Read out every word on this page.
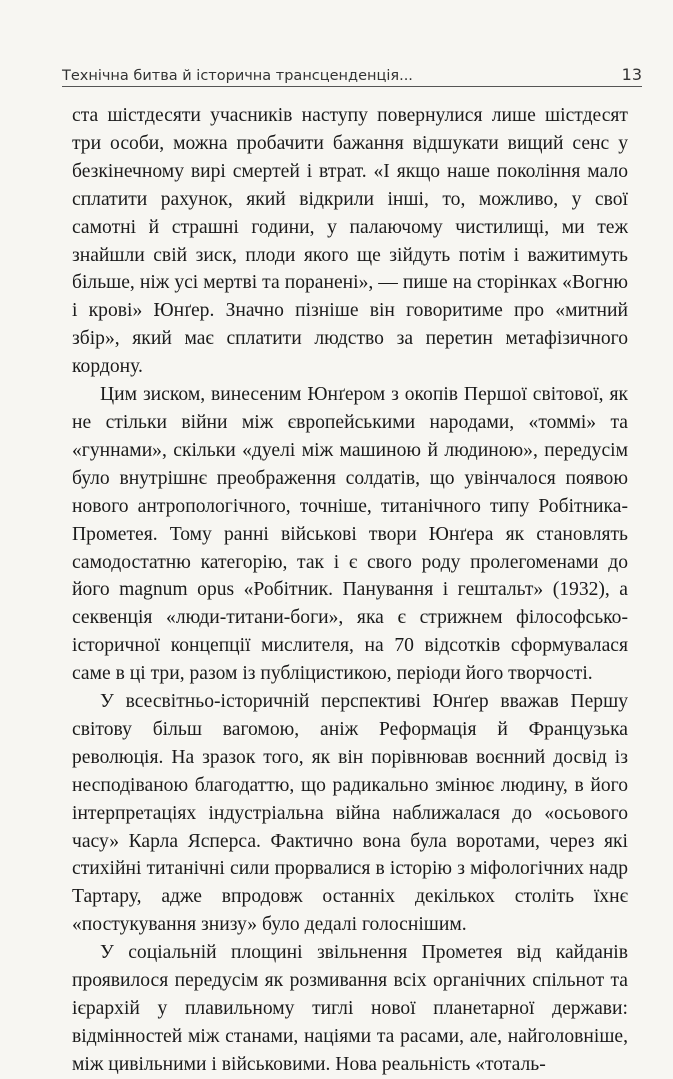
Технічна битва й історична трансценденція...	13

ста шістдесяти учасників наступу повернулися лише шістдесят три особи, можна пробачити бажання відшукати вищий сенс у безкінечному вирі смертей і втрат. «І якщо наше покоління мало сплатити рахунок, який відкрили інші, то, можливо, у свої самотні й страшні години, у палаючому чистилищі, ми теж знайшли свій зиск, плоди якого ще зійдуть потім і важитимуть більше, ніж усі мертві та поранені», — пише на сторінках «Вогню і крові» Юнґер. Значно пізніше він говоритиме про «митний збір», який має сплатити людство за перетин метафізичного кордону.

Цим зиском, винесеним Юнґером з окопів Першої світової, як не стільки війни між європейськими народами, «томмі» та «гуннами», скільки «дуелі між машиною й людиною», передусім було внутрішнє преображення солдатів, що увінчалося появою нового антропологічного, точніше, титанічного типу Робітника-Прометея. Тому ранні військові твори Юнґера як становлять самодостатню категорію, так і є свого роду пролегоменами до його magnum opus «Робітник. Панування і гештальт» (1932), а секвенція «люди-титани-боги», яка є стрижнем філософсько-історичної концепції мислителя, на 70 відсотків сформувалася саме в ці три, разом із публіцистикою, періоди його творчості.

У всесвітньо-історичній перспективі Юнґер вважав Першу світову більш вагомою, аніж Реформація й Французька революція. На зразок того, як він порівнював воєнний досвід із несподіваною благодаттю, що радикально змінює людину, в його інтерпретаціях індустріальна війна наближалася до «осьового часу» Карла Ясперса. Фактично вона була воротами, через які стихійні титанічні сили прорвалися в історію з міфологічних надр Тартару, адже впродовж останніх декількох століть їхнє «постукування знизу» було дедалі голоснішим.

У соціальній площині звільнення Прометея від кайданів проявилося передусім як розмивання всіх органічних спільнот та ієрархій у плавильному тиглі нової планетарної держави: відмінностей між станами, націями та расами, але, найголовніше, між цивільними і військовими. Нова реальність «тоталь-
